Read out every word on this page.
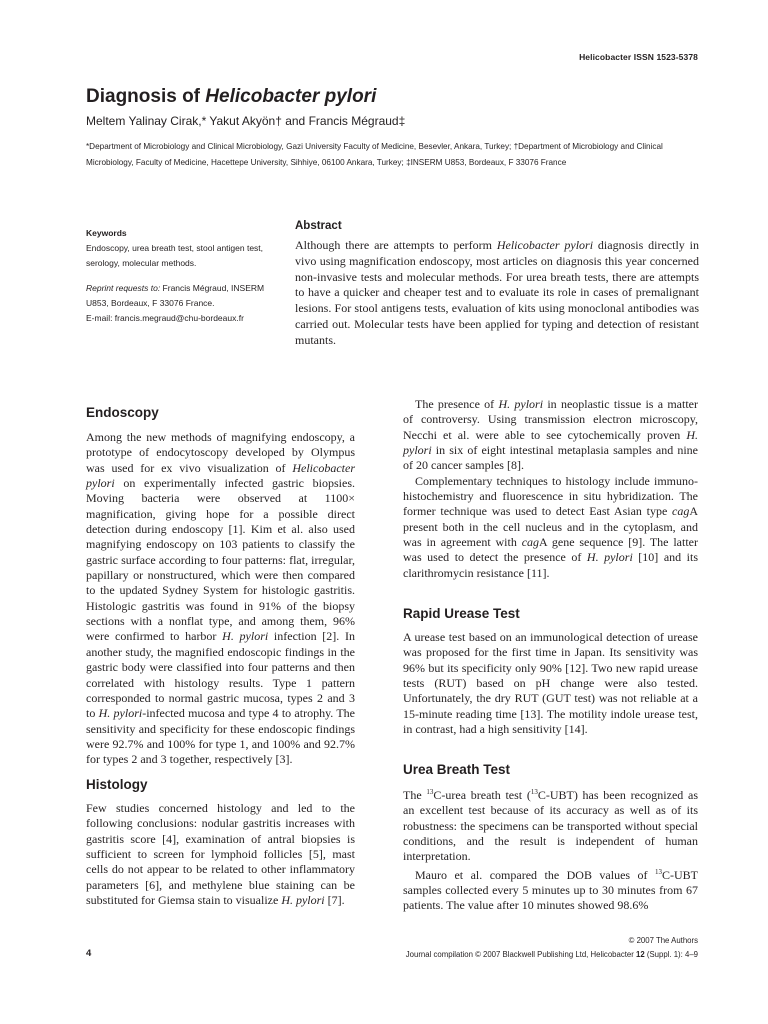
Helicobacter ISSN 1523-5378
Diagnosis of Helicobacter pylori
Meltem Yalinay Cirak,* Yakut Akyön† and Francis Mégraud‡
*Department of Microbiology and Clinical Microbiology, Gazi University Faculty of Medicine, Besevler, Ankara, Turkey; †Department of Microbiology and Clinical Microbiology, Faculty of Medicine, Hacettepe University, Sihhiye, 06100 Ankara, Turkey; ‡INSERM U853, Bordeaux, F 33076 France
Keywords
Endoscopy, urea breath test, stool antigen test, serology, molecular methods.
Reprint requests to: Francis Mégraud, INSERM
U853, Bordeaux, F 33076 France.
E-mail: francis.megraud@chu-bordeaux.fr
Abstract
Although there are attempts to perform Helicobacter pylori diagnosis directly in vivo using magnification endoscopy, most articles on diagnosis this year concerned non-invasive tests and molecular methods. For urea breath tests, there are attempts to have a quicker and cheaper test and to evaluate its role in cases of premalignant lesions. For stool antigens tests, evaluation of kits using monoclonal antibodies was carried out. Molecular tests have been applied for typing and detection of resistant mutants.
Endoscopy

Among the new methods of magnifying endoscopy, a prototype of endocytoscopy developed by Olympus was used for ex vivo visualization of Helicobacter pylori on experimentally infected gastric biopsies. Moving bacteria were observed at 1100× magnification, giving hope for a possible direct detection during endoscopy [1]. Kim et al. also used magnifying endoscopy on 103 patients to classify the gastric surface according to four patterns: flat, irregular, papillary or nonstructured, which were then compared to the updated Sydney System for histologic gastritis. Histologic gastritis was found in 91% of the biopsy sections with a nonflat type, and among them, 96% were confirmed to harbor H. pylori infection [2]. In another study, the magnified endoscopic findings in the gastric body were classified into four patterns and then correlated with histology results. Type 1 pattern corresponded to normal gastric mucosa, types 2 and 3 to H. pylori-infected mucosa and type 4 to atrophy. The sensitivity and specificity for these endoscopic findings were 92.7% and 100% for type 1, and 100% and 92.7% for types 2 and 3 together, respectively [3].

Histology

Few studies concerned histology and led to the following conclusions: nodular gastritis increases with gastritis score [4], examination of antral biopsies is sufficient to screen for lymphoid follicles [5], mast cells do not appear to be related to other inflammatory parameters [6], and methylene blue staining can be substituted for Giemsa stain to visualize H. pylori [7].

The presence of H. pylori in neoplastic tissue is a matter of controversy. Using transmission electron microscopy, Necchi et al. were able to see cytochemically proven H. pylori in six of eight intestinal metaplasia samples and nine of 20 cancer samples [8].

Complementary techniques to histology include immuno-histochemistry and fluorescence in situ hybridization. The former technique was used to detect East Asian type cagA present both in the cell nucleus and in the cytoplasm, and was in agreement with cagA gene sequence [9]. The latter was used to detect the presence of H. pylori [10] and its clarithromycin resistance [11].

Rapid Urease Test

A urease test based on an immunological detection of urease was proposed for the first time in Japan. Its sensitivity was 96% but its specificity only 90% [12]. Two new rapid urease tests (RUT) based on pH change were also tested. Unfortunately, the dry RUT (GUT test) was not reliable at a 15-minute reading time [13]. The motility indole urease test, in contrast, had a high sensitivity [14].

Urea Breath Test

The $^{13}$C-urea breath test ($^{13}$C-UBT) has been recognized as an excellent test because of its accuracy as well as of its robustness: the specimens can be transported without special conditions, and the result is independent of human interpretation.

Mauro et al. compared the DOB values of $^{13}$C-UBT samples collected every 5 minutes up to 30 minutes from 67 patients. The value after 10 minutes showed 98.6%

4
© 2007 The Authors
Journal compilation © 2007 Blackwell Publishing Ltd, Helicobacter 12 (Suppl. 1): 4–9
